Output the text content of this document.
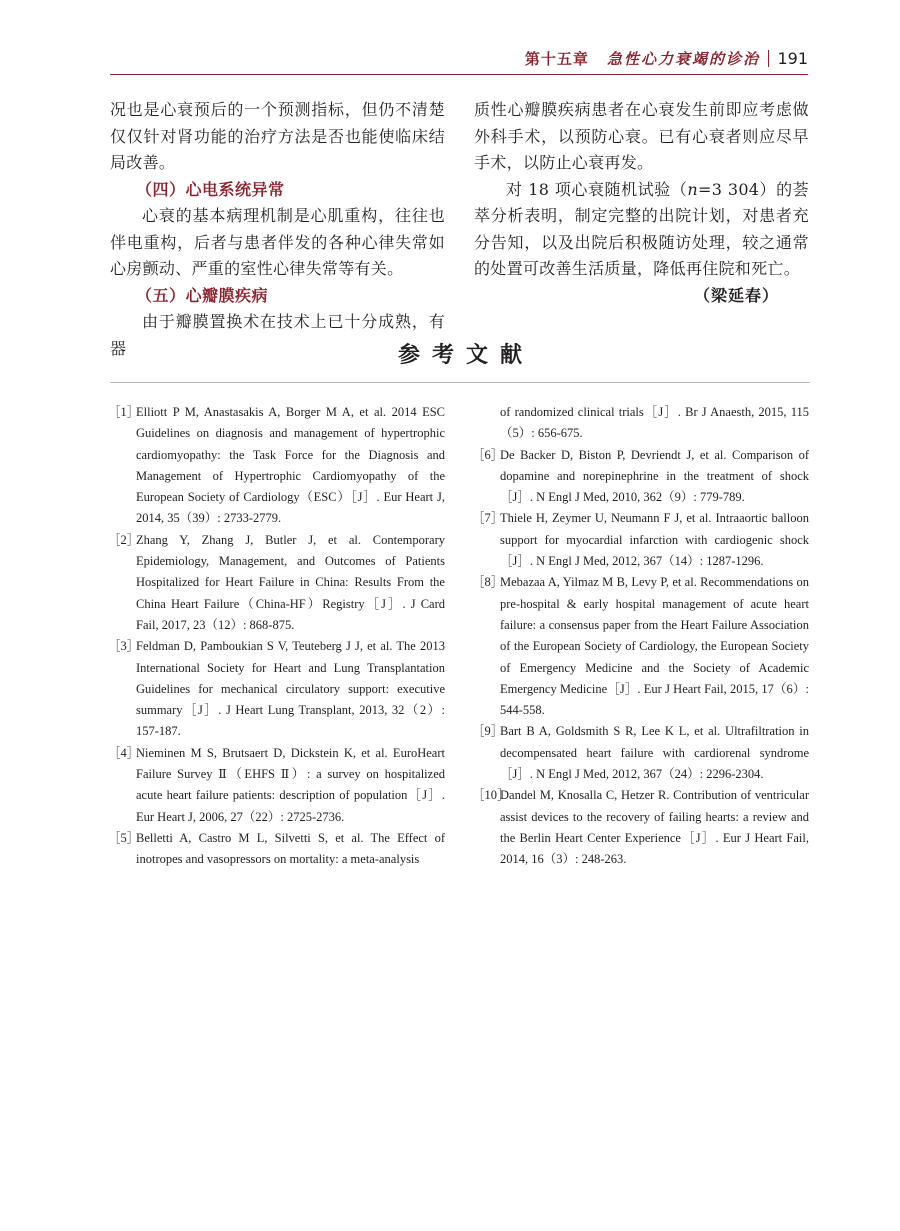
第十五章 急性心力衰竭的诊治 191

况也是心衰预后的一个预测指标，但仍不清楚仅仅针对肾功能的治疗方法是否也能使临床结局改善。

（四）心电系统异常

心衰的基本病理机制是心肌重构，往往也伴电重构，后者与患者伴发的各种心律失常如心房颤动、严重的室性心律失常等有关。

（五）心瓣膜疾病

由于瓣膜置换术在技术上已十分成熟，有器

质性心瓣膜疾病患者在心衰发生前即应考虑做外科手术，以预防心衰。已有心衰者则应尽早手术，以防止心衰再发。

对 18 项心衰随机试验（n=3 304）的荟萃分析表明，制定完整的出院计划，对患者充分告知，以及出院后积极随访处理，较之通常的处置可改善生活质量，降低再住院和死亡。

（梁延春）

参考文献
［1］
Elliott P M, Anastasakis A, Borger M A, et al. 2014 ESC Guidelines on diagnosis and management of hypertrophic cardiomyopathy: the Task Force for the Diagnosis and Management of Hypertrophic Cardiomyopathy of the European Society of Cardiology（ESC）［J］. Eur Heart J, 2014, 35（39）: 2733-2779.
［2］
Zhang Y, Zhang J, Butler J, et al. Contemporary Epidemiology, Management, and Outcomes of Patients Hospitalized for Heart Failure in China: Results From the China Heart Failure（China-HF）Registry［J］. J Card Fail, 2017, 23（12）: 868-875.
［3］
Feldman D, Pamboukian S V, Teuteberg J J, et al. The 2013 International Society for Heart and Lung Transplantation Guidelines for mechanical circulatory support: executive summary［J］. J Heart Lung Transplant, 2013, 32（2）: 157-187.
［4］
Nieminen M S, Brutsaert D, Dickstein K, et al. EuroHeart Failure Survey Ⅱ（EHFS Ⅱ）: a survey on hospitalized acute heart failure patients: description of population［J］. Eur Heart J, 2006, 27（22）: 2725-2736.
［5］
Belletti A, Castro M L, Silvetti S, et al. The Effect of inotropes and vasopressors on mortality: a meta-analysis
of randomized clinical trials［J］. Br J Anaesth, 2015, 115（5）: 656-675.
［6］
De Backer D, Biston P, Devriendt J, et al. Comparison of dopamine and norepinephrine in the treatment of shock［J］. N Engl J Med, 2010, 362（9）: 779-789.
［7］
Thiele H, Zeymer U, Neumann F J, et al. Intraaortic balloon support for myocardial infarction with cardiogenic shock［J］. N Engl J Med, 2012, 367（14）: 1287-1296.
［8］
Mebazaa A, Yilmaz M B, Levy P, et al. Recommendations on pre-hospital & early hospital management of acute heart failure: a consensus paper from the Heart Failure Association of the European Society of Cardiology, the European Society of Emergency Medicine and the Society of Academic Emergency Medicine［J］. Eur J Heart Fail, 2015, 17（6）: 544-558.
［9］
Bart B A, Goldsmith S R, Lee K L, et al. Ultrafiltration in decompensated heart failure with cardiorenal syndrome［J］. N Engl J Med, 2012, 367（24）: 2296-2304.
［10］
Dandel M, Knosalla C, Hetzer R. Contribution of ventricular assist devices to the recovery of failing hearts: a review and the Berlin Heart Center Experience［J］. Eur J Heart Fail, 2014, 16（3）: 248-263.
